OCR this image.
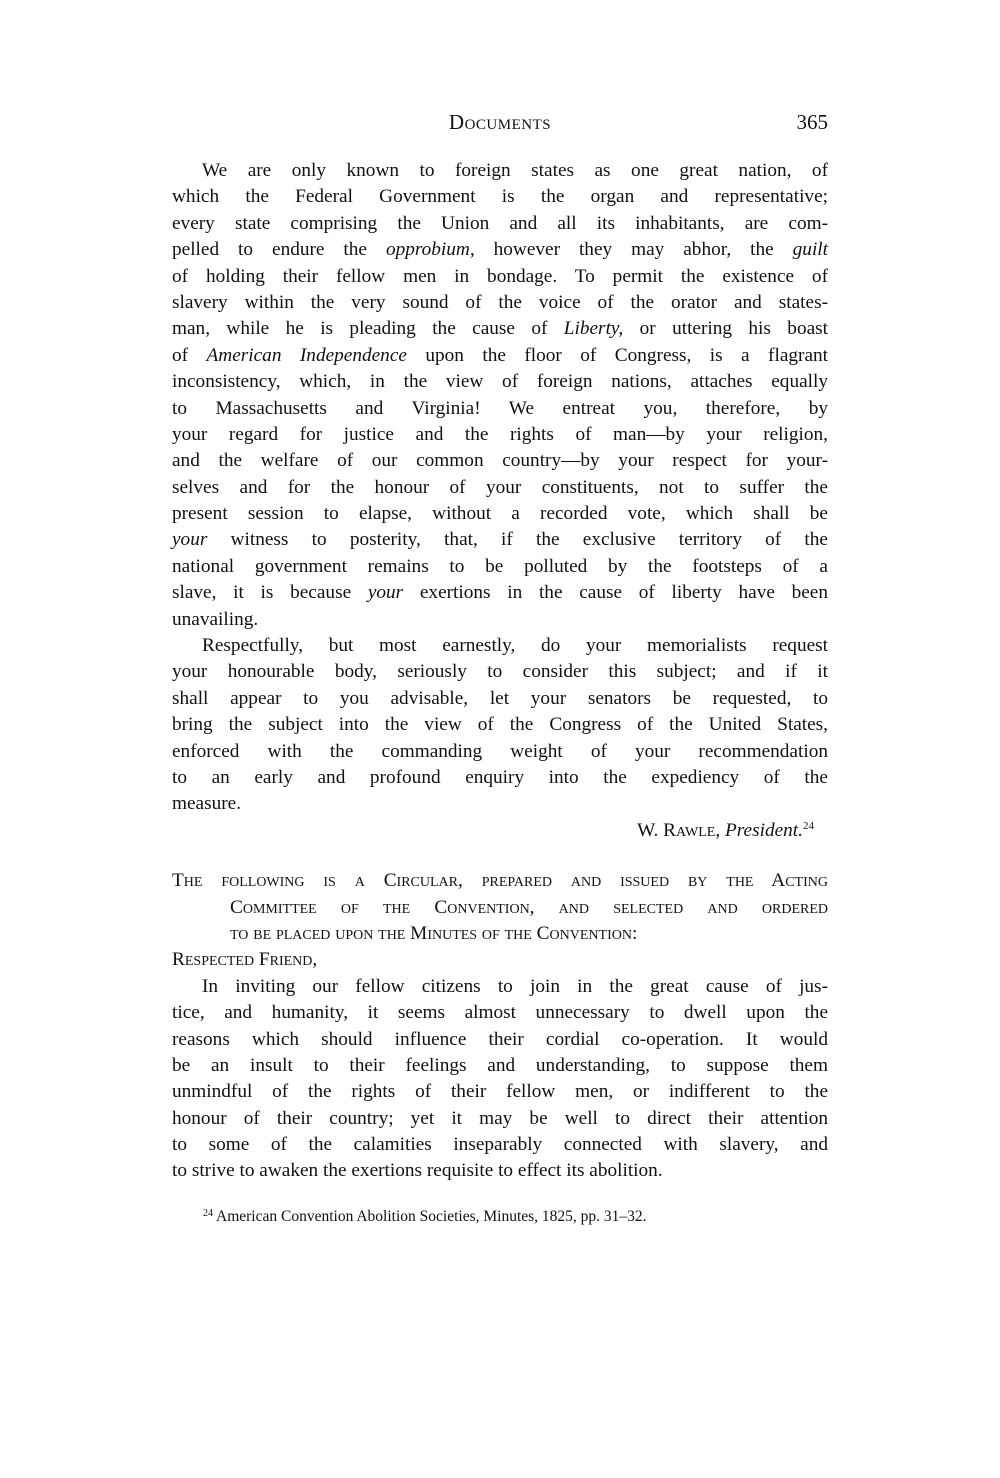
Documents	365
We are only known to foreign states as one great nation, of
which the Federal Government is the organ and representative;
every state comprising the Union and all its inhabitants, are com-
pelled to endure the opprobium, however they may abhor, the guilt
of holding their fellow men in bondage. To permit the existence of
slavery within the very sound of the voice of the orator and states-
man, while he is pleading the cause of Liberty, or uttering his boast
of American Independence upon the floor of Congress, is a flagrant
inconsistency, which, in the view of foreign nations, attaches equally
to Massachusetts and Virginia! We entreat you, therefore, by
your regard for justice and the rights of man—by your religion,
and the welfare of our common country—by your respect for your-
selves and for the honour of your constituents, not to suffer the
present session to elapse, without a recorded vote, which shall be
your witness to posterity, that, if the exclusive territory of the
national government remains to be polluted by the footsteps of a
slave, it is because your exertions in the cause of liberty have been
unavailing.
Respectfully, but most earnestly, do your memorialists request
your honourable body, seriously to consider this subject; and if it
shall appear to you advisable, let your senators be requested, to
bring the subject into the view of the Congress of the United States,
enforced with the commanding weight of your recommendation
to an early and profound enquiry into the expediency of the
measure.
W. Rawle, President.$^{24}$
The following is a Circular, prepared and issued by the Acting
Committee of the Convention, and selected and ordered
to be placed upon the Minutes of the Convention:
Respected Friend,
In inviting our fellow citizens to join in the great cause of jus-
tice, and humanity, it seems almost unnecessary to dwell upon the
reasons which should influence their cordial co-operation. It would
be an insult to their feelings and understanding, to suppose them
unmindful of the rights of their fellow men, or indifferent to the
honour of their country; yet it may be well to direct their attention
to some of the calamities inseparably connected with slavery, and
to strive to awaken the exertions requisite to effect its abolition.
$^{24}$ American Convention Abolition Societies, Minutes, 1825, pp. 31–32.
